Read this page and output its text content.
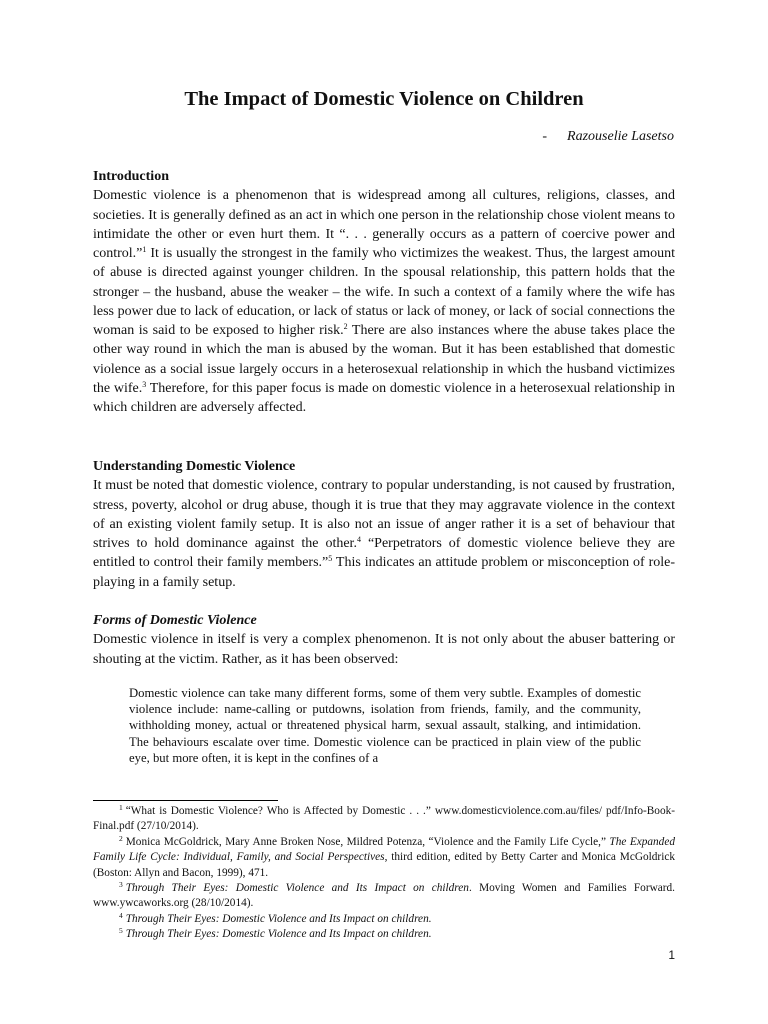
The Impact of Domestic Violence on Children

- Razouselie Lasetso

Introduction

Domestic violence is a phenomenon that is widespread among all cultures, religions, classes, and societies. It is generally defined as an act in which one person in the relationship chose violent means to intimidate the other or even hurt them. It “. . . generally occurs as a pattern of coercive power and control.”$^1$ It is usually the strongest in the family who victimizes the weakest. Thus, the largest amount of abuse is directed against younger children. In the spousal relationship, this pattern holds that the stronger – the husband, abuse the weaker – the wife. In such a context of a family where the wife has less power due to lack of education, or lack of status or lack of money, or lack of social connections the woman is said to be exposed to higher risk.$^2$ There are also instances where the abuse takes place the other way round in which the man is abused by the woman. But it has been established that domestic violence as a social issue largely occurs in a heterosexual relationship in which the husband victimizes the wife.$^3$ Therefore, for this paper focus is made on domestic violence in a heterosexual relationship in which children are adversely affected.

Understanding Domestic Violence

It must be noted that domestic violence, contrary to popular understanding, is not caused by frustration, stress, poverty, alcohol or drug abuse, though it is true that they may aggravate violence in the context of an existing violent family setup. It is also not an issue of anger rather it is a set of behaviour that strives to hold dominance against the other.$^4$ “Perpetrators of domestic violence believe they are entitled to control their family members.”$^5$ This indicates an attitude problem or misconception of role-playing in a family setup.

Forms of Domestic Violence

Domestic violence in itself is very a complex phenomenon. It is not only about the abuser battering or shouting at the victim. Rather, as it has been observed:

Domestic violence can take many different forms, some of them very subtle. Examples of domestic violence include: name-calling or putdowns, isolation from friends, family, and the community, withholding money, actual or threatened physical harm, sexual assault, stalking, and intimidation. The behaviours escalate over time. Domestic violence can be practiced in plain view of the public eye, but more often, it is kept in the confines of a

$^1$ “What is Domestic Violence? Who is Affected by Domestic . . .” www.domesticviolence.com.au/files/ pdf/Info-Book-Final.pdf (27/10/2014).

$^2$ Monica McGoldrick, Mary Anne Broken Nose, Mildred Potenza, “Violence and the Family Life Cycle,” The Expanded Family Life Cycle: Individual, Family, and Social Perspectives, third edition, edited by Betty Carter and Monica McGoldrick (Boston: Allyn and Bacon, 1999), 471.

$^3$ Through Their Eyes: Domestic Violence and Its Impact on children. Moving Women and Families Forward. www.ywcaworks.org (28/10/2014).

$^4$ Through Their Eyes: Domestic Violence and Its Impact on children.

$^5$ Through Their Eyes: Domestic Violence and Its Impact on children.

1
